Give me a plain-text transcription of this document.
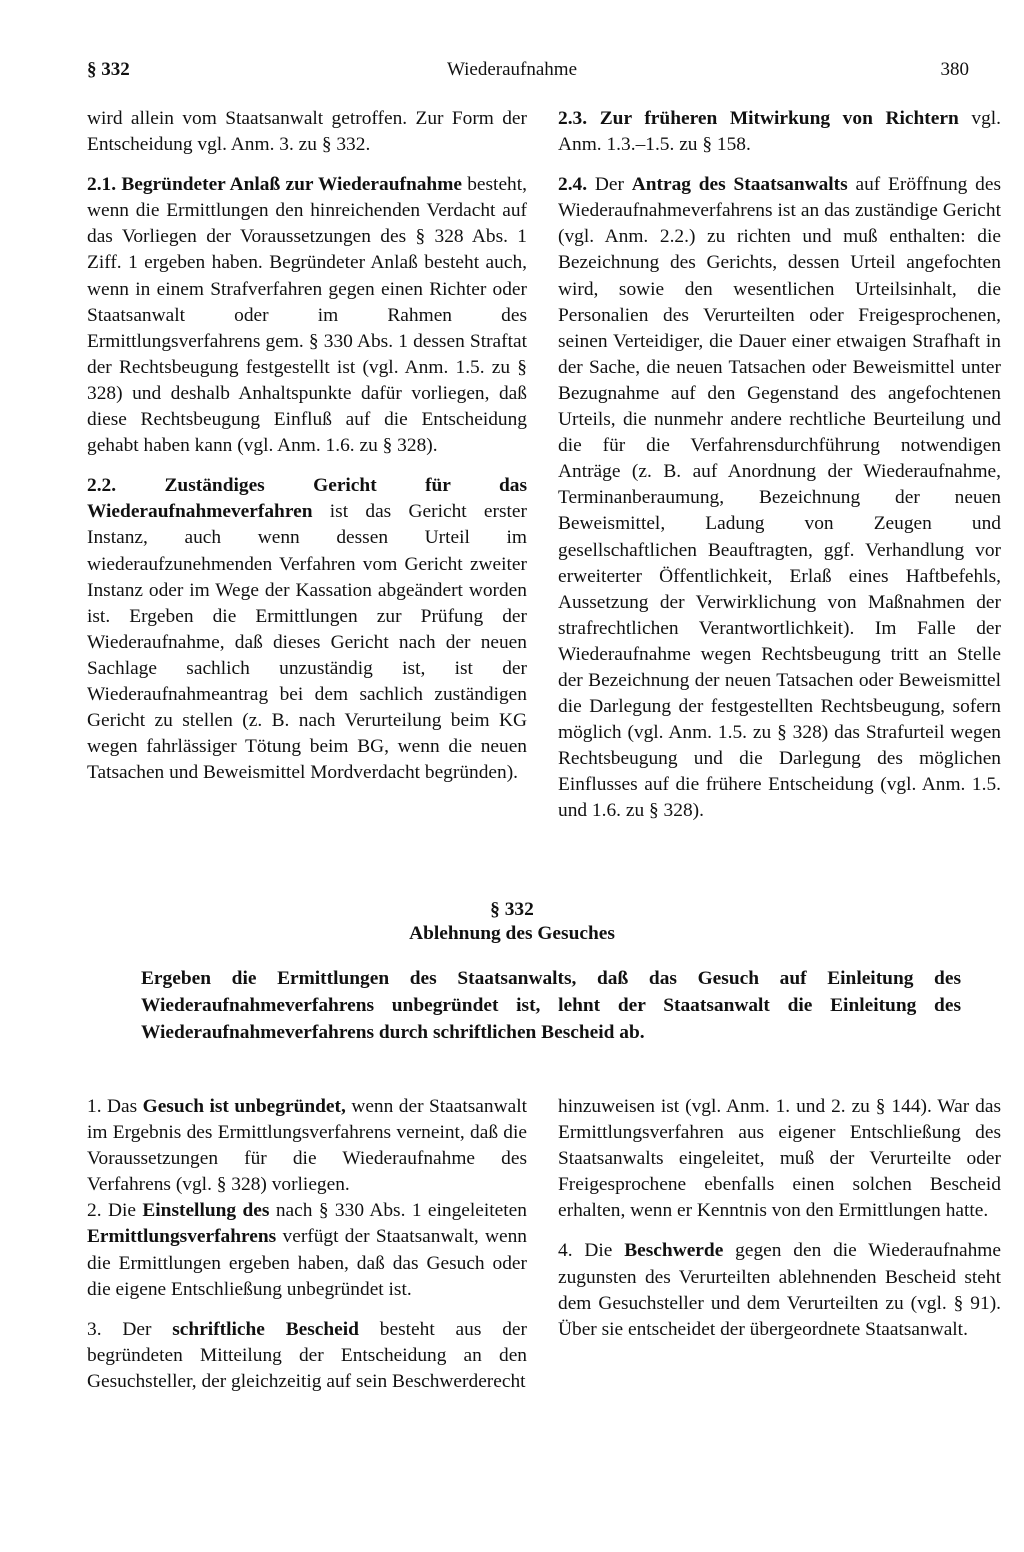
§ 332	Wiederaufnahme	380

wird allein vom Staatsanwalt getroffen. Zur Form der Entscheidung vgl. Anm. 3. zu § 332.

2.1. Begründeter Anlaß zur Wiederaufnahme besteht, wenn die Ermittlungen den hinreichenden Verdacht auf das Vorliegen der Voraussetzungen des § 328 Abs. 1 Ziff. 1 ergeben haben. Begründeter Anlaß besteht auch, wenn in einem Strafverfahren gegen einen Richter oder Staatsanwalt oder im Rahmen des Ermittlungsverfahrens gem. § 330 Abs. 1 dessen Straftat der Rechtsbeugung festgestellt ist (vgl. Anm. 1.5. zu § 328) und deshalb Anhaltspunkte dafür vorliegen, daß diese Rechtsbeugung Einfluß auf die Entscheidung gehabt haben kann (vgl. Anm. 1.6. zu § 328).

2.2. Zuständiges Gericht für das Wiederaufnahmeverfahren ist das Gericht erster Instanz, auch wenn dessen Urteil im wiederaufzunehmenden Verfahren vom Gericht zweiter Instanz oder im Wege der Kassation abgeändert worden ist. Ergeben die Ermittlungen zur Prüfung der Wiederaufnahme, daß dieses Gericht nach der neuen Sachlage sachlich unzuständig ist, ist der Wiederaufnahmeantrag bei dem sachlich zuständigen Gericht zu stellen (z. B. nach Verurteilung beim KG wegen fahrlässiger Tötung beim BG, wenn die neuen Tatsachen und Beweismittel Mordverdacht begründen).

2.3. Zur früheren Mitwirkung von Richtern vgl. Anm. 1.3.–1.5. zu § 158.

2.4. Der Antrag des Staatsanwalts auf Eröffnung des Wiederaufnahmeverfahrens ist an das zuständige Gericht (vgl. Anm. 2.2.) zu richten und muß enthalten: die Bezeichnung des Gerichts, dessen Urteil angefochten wird, sowie den wesentlichen Urteilsinhalt, die Personalien des Verurteilten oder Freigesprochenen, seinen Verteidiger, die Dauer einer etwaigen Strafhaft in der Sache, die neuen Tatsachen oder Beweismittel unter Bezugnahme auf den Gegenstand des angefochtenen Urteils, die nunmehr andere rechtliche Beurteilung und die für die Verfahrensdurchführung notwendigen Anträge (z. B. auf Anordnung der Wiederaufnahme, Terminanberaumung, Bezeichnung der neuen Beweismittel, Ladung von Zeugen und gesellschaftlichen Beauftragten, ggf. Verhandlung vor erweiterter Öffentlichkeit, Erlaß eines Haftbefehls, Aussetzung der Verwirklichung von Maßnahmen der strafrechtlichen Verantwortlichkeit). Im Falle der Wiederaufnahme wegen Rechtsbeugung tritt an Stelle der Bezeichnung der neuen Tatsachen oder Beweismittel die Darlegung der festgestellten Rechtsbeugung, sofern möglich (vgl. Anm. 1.5. zu § 328) das Strafurteil wegen Rechtsbeugung und die Darlegung des möglichen Einflusses auf die frühere Entscheidung (vgl. Anm. 1.5. und 1.6. zu § 328).

§ 332
Ablehnung des Gesuches
Ergeben die Ermittlungen des Staatsanwalts, daß das Gesuch auf Einleitung des Wiederaufnahmeverfahrens unbegründet ist, lehnt der Staatsanwalt die Einleitung des Wiederaufnahmeverfahrens durch schriftlichen Bescheid ab.

1. Das Gesuch ist unbegründet, wenn der Staatsanwalt im Ergebnis des Ermittlungsverfahrens verneint, daß die Voraussetzungen für die Wiederaufnahme des Verfahrens (vgl. § 328) vorliegen.

2. Die Einstellung des nach § 330 Abs. 1 eingeleiteten Ermittlungsverfahrens verfügt der Staatsanwalt, wenn die Ermittlungen ergeben haben, daß das Gesuch oder die eigene Entschließung unbegründet ist.

3. Der schriftliche Bescheid besteht aus der begründeten Mitteilung der Entscheidung an den Gesuchsteller, der gleichzeitig auf sein Beschwerderecht

hinzuweisen ist (vgl. Anm. 1. und 2. zu § 144). War das Ermittlungsverfahren aus eigener Entschließung des Staatsanwalts eingeleitet, muß der Verurteilte oder Freigesprochene ebenfalls einen solchen Bescheid erhalten, wenn er Kenntnis von den Ermittlungen hatte.

4. Die Beschwerde gegen den die Wiederaufnahme zugunsten des Verurteilten ablehnenden Bescheid steht dem Gesuchsteller und dem Verurteilten zu (vgl. § 91). Über sie entscheidet der übergeordnete Staatsanwalt.
